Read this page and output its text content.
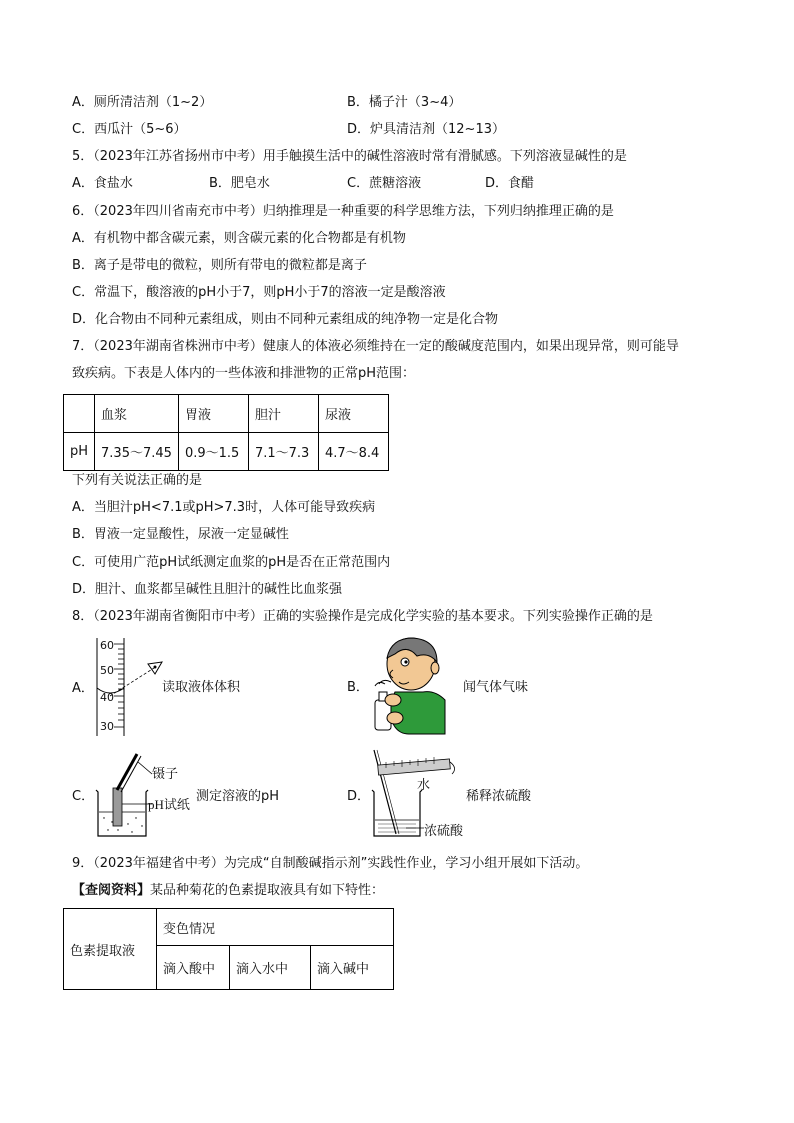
A．厕所清洁剂（1~2）	B．橘子汁（3~4）
C．西瓜汁（5~6）	D．炉具清洁剂（12~13）
5．（2023年江苏省扬州市中考）用手触摸生活中的碱性溶液时常有滑腻感。下列溶液显碱性的是
A．食盐水	B．肥皂水	C．蔗糖溶液	D．食醋
6．（2023年四川省南充市中考）归纳推理是一种重要的科学思维方法，下列归纳推理正确的是
A．有机物中都含碳元素，则含碳元素的化合物都是有机物
B．离子是带电的微粒，则所有带电的微粒都是离子
C．常温下，酸溶液的pH小于7，则pH小于7的溶液一定是酸溶液
D．化合物由不同种元素组成，则由不同种元素组成的纯净物一定是化合物
7．（2023年湖南省株洲市中考）健康人的体液必须维持在一定的酸碱度范围内，如果出现异常，则可能导
致疾病。下表是人体内的一些体液和排泄物的正常pH范围：
	血浆	胃液	胆汁	尿液
pH	7.35～7.45	0.9～1.5	7.1～7.3	4.7～8.4
下列有关说法正确的是
A．当胆汁pH<7.1或pH>7.3时，人体可能导致疾病
B．胃液一定显酸性，尿液一定显碱性
C．可使用广范pH试纸测定血浆的pH是否在正常范围内
D．胆汁、血浆都呈碱性且胆汁的碱性比血浆强
8．（2023年湖南省衡阳市中考）正确的实验操作是完成化学实验的基本要求。下列实验操作正确的是
A．
60
50
40
30
读取液体体积	B．	闻气体气味
C．
镊子
pH试纸
测定溶液的pH	D．
水
浓硫酸
稀释浓硫酸
9．（2023年福建省中考）为完成“自制酸碱指示剂”实践性作业，学习小组开展如下活动。
【查阅资料】某品种菊花的色素提取液具有如下特性：
色素提取液	变色情况		
	滴入酸中	滴入水中	滴入碱中
